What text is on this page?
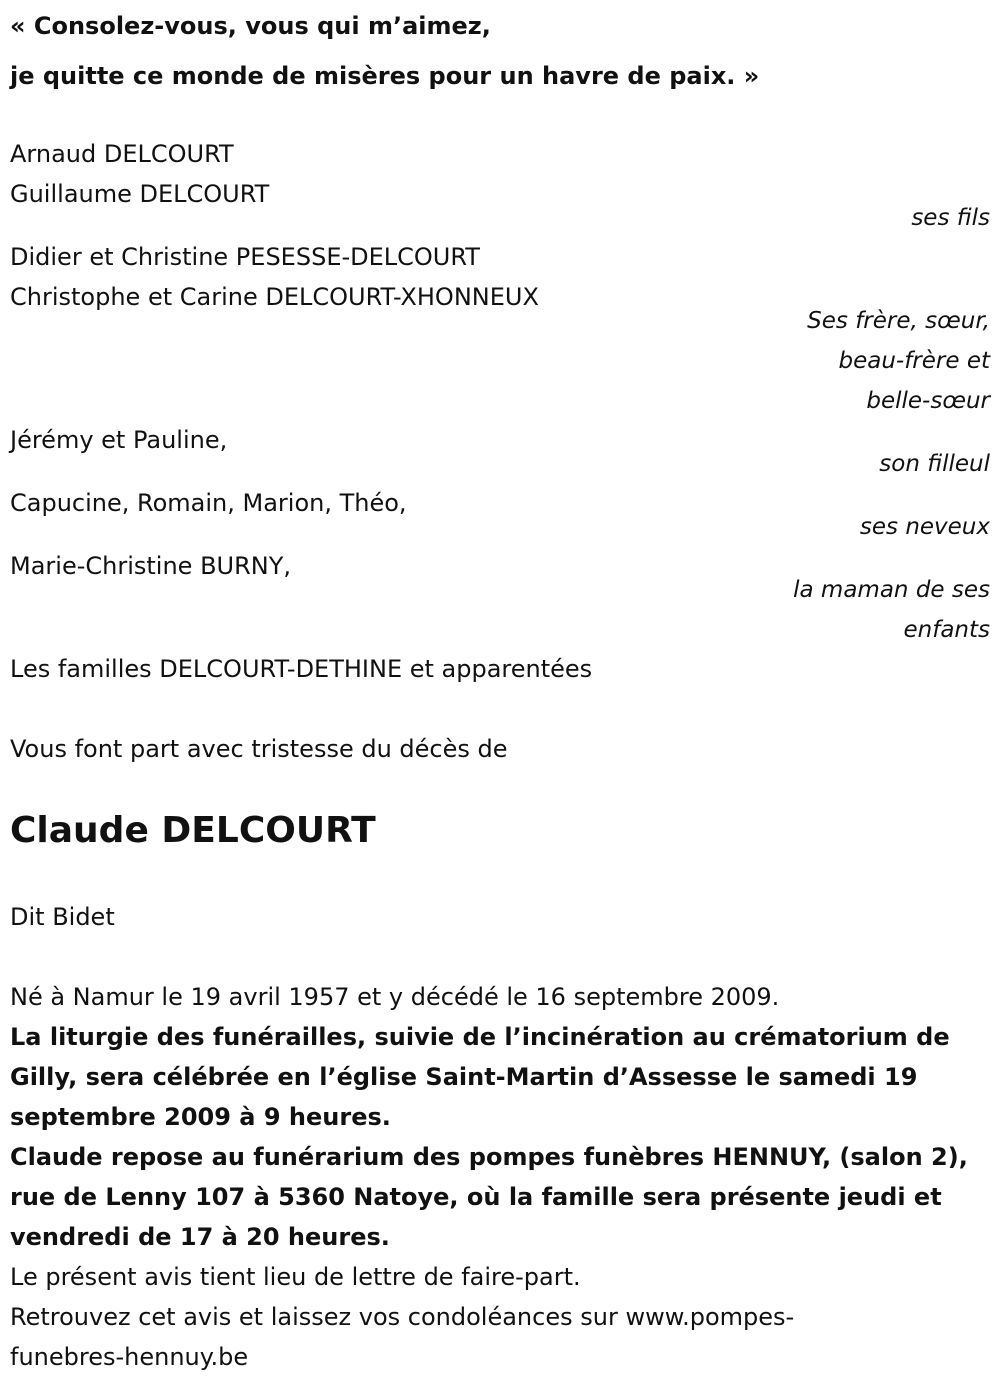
« Consolez-vous, vous qui m’aimez,
je quitte ce monde de misères pour un havre de paix. »
Arnaud DELCOURT
Guillaume DELCOURT
ses fils
Didier et Christine PESESSE-DELCOURT
Christophe et Carine DELCOURT-XHONNEUX
Ses frère, sœur,
beau-frère et
belle-sœur
Jérémy et Pauline,
son filleul
Capucine, Romain, Marion, Théo,
ses neveux
Marie-Christine BURNY,
la maman de ses
enfants
Les familles DELCOURT-DETHINE et apparentées
Vous font part avec tristesse du décès de
Claude DELCOURT
Dit Bidet
Né à Namur le 19 avril 1957 et y décédé le 16 septembre 2009.
La liturgie des funérailles, suivie de l’incinération au crématorium de
Gilly, sera célébrée en l’église Saint-Martin d’Assesse le samedi 19
septembre 2009 à 9 heures.
Claude repose au funérarium des pompes funèbres HENNUY, (salon 2),
rue de Lenny 107 à 5360 Natoye, où la famille sera présente jeudi et
vendredi de 17 à 20 heures.
Le présent avis tient lieu de lettre de faire-part.
Retrouvez cet avis et laissez vos condoléances sur www.pompes-
funebres-hennuy.be
